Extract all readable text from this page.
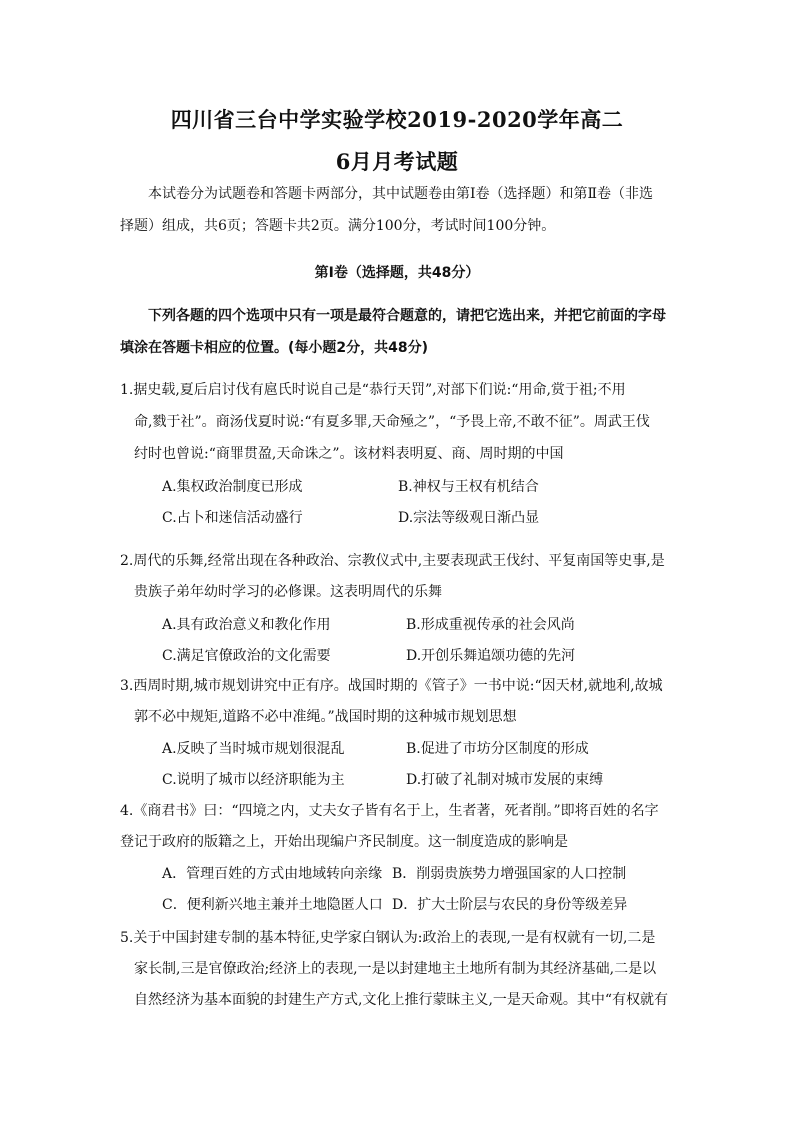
四川省三台中学实验学校2019-2020学年高二
6月月考试题
本试卷分为试题卷和答题卡两部分，其中试题卷由第Ⅰ卷（选择题）和第Ⅱ卷（非选
择题）组成，共6页；答题卡共2页。满分100分，考试时间100分钟。
第Ⅰ卷（选择题，共48分）
下列各题的四个选项中只有一项是最符合题意的，请把它选出来，并把它前面的字母
填涂在答题卡相应的位置。(每小题2分，共48分)
1.据史载,夏后启讨伐有扈氏时说自己是“恭行天罚”,对部下们说:“用命,赏于祖;不用
命,戮于社”。商汤伐夏时说:“有夏多罪,天命殛之”，“予畏上帝,不敢不征”。周武王伐
纣时也曾说:“商罪贯盈,天命诛之”。该材料表明夏、商、周时期的中国
A.集权政治制度已形成	B.神权与王权有机结合
C.占卜和迷信活动盛行	D.宗法等级观日渐凸显
2.周代的乐舞,经常出现在各种政治、宗教仪式中,主要表现武王伐纣、平复南国等史事,是
贵族子弟年幼时学习的必修课。这表明周代的乐舞
A.具有政治意义和教化作用	B.形成重视传承的社会风尚
C.满足官僚政治的文化需要	D.开创乐舞追颂功德的先河
3.西周时期,城市规划讲究中正有序。战国时期的《管子》一书中说:“因天材,就地利,故城
郭不必中规矩,道路不必中准绳。”战国时期的这种城市规划思想
A.反映了当时城市规划很混乱	B.促进了市坊分区制度的形成
C.说明了城市以经济职能为主	D.打破了礼制对城市发展的束缚
4.《商君书》曰：“四境之内，丈夫女子皆有名于上，生者著，死者削。”即将百姓的名字
登记于政府的版籍之上，开始出现编户齐民制度。这一制度造成的影响是
A．管理百姓的方式由地域转向亲缘 B．削弱贵族势力增强国家的人口控制
C．便利新兴地主兼并土地隐匿人口 D．扩大士阶层与农民的身份等级差异
5.关于中国封建专制的基本特征,史学家白钢认为:政治上的表现,一是有权就有一切,二是
家长制,三是官僚政治;经济上的表现,一是以封建地主土地所有制为其经济基础,二是以
自然经济为基本面貌的封建生产方式,文化上推行蒙昧主义,一是天命观。其中“有权就有
